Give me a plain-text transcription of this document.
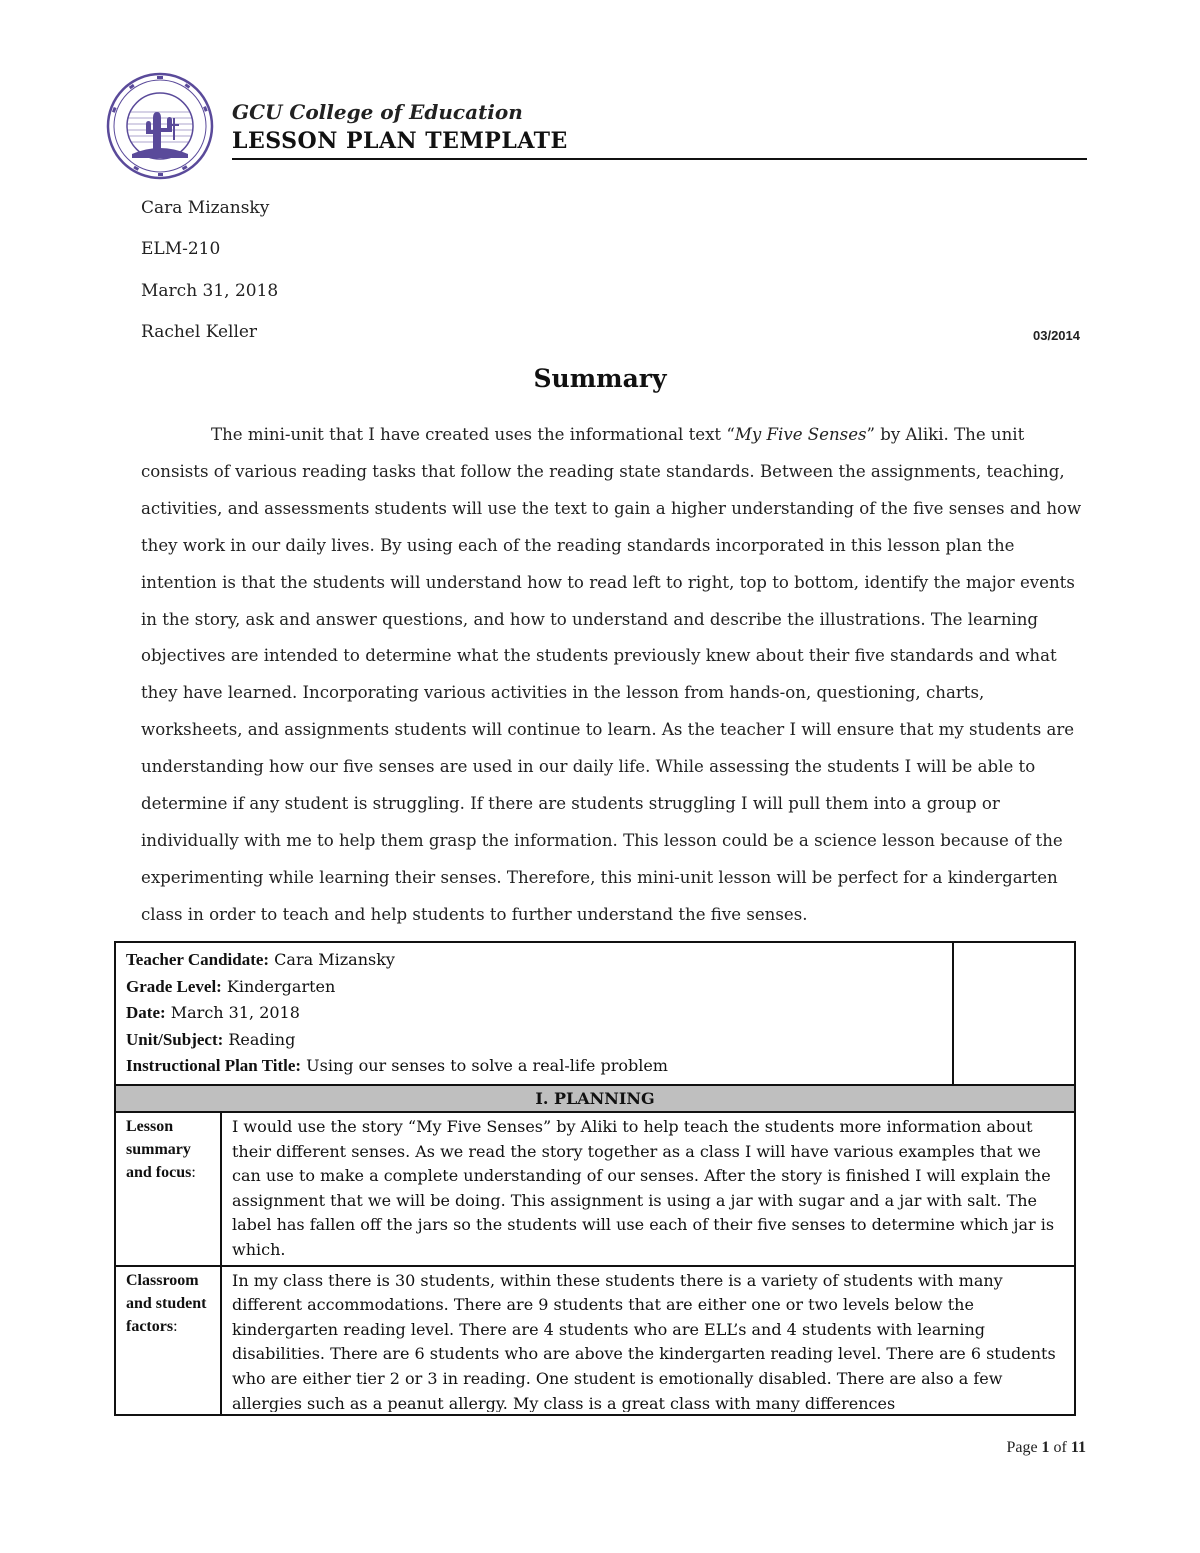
GCU College of Education
LESSON PLAN TEMPLATE
Cara Mizansky
ELM-210
March 31, 2018
Rachel Keller	03/2014
Summary

The mini-unit that I have created uses the informational text “My Five Senses” by Aliki. The unit consists of various reading tasks that follow the reading state standards. Between the assignments, teaching, activities, and assessments students will use the text to gain a higher understanding of the five senses and how they work in our daily lives. By using each of the reading standards incorporated in this lesson plan the intention is that the students will understand how to read left to right, top to bottom, identify the major events in the story, ask and answer questions, and how to understand and describe the illustrations. The learning objectives are intended to determine what the students previously knew about their five standards and what they have learned. Incorporating various activities in the lesson from hands-on, questioning, charts, worksheets, and assignments students will continue to learn. As the teacher I will ensure that my students are understanding how our five senses are used in our daily life. While assessing the students I will be able to determine if any student is struggling. If there are students struggling I will pull them into a group or individually with me to help them grasp the information. This lesson could be a science lesson because of the experimenting while learning their senses. Therefore, this mini-unit lesson will be perfect for a kindergarten class in order to teach and help students to further understand the five senses.

Teacher Candidate: Cara Mizansky
Grade Level: Kindergarten
Date: March 31, 2018
Unit/Subject: Reading
Instructional Plan Title: Using our senses to solve a real-life problem		

I. PLANNING		
Lesson summary and focus:	I would use the story “My Five Senses” by Aliki to help teach the students more information about their different senses. As we read the story together as a class I will have various examples that we can use to make a complete understanding of our senses. After the story is finished I will explain the assignment that we will be doing. This assignment is using a jar with sugar and a jar with salt. The label has fallen off the jars so the students will use each of their five senses to determine which jar is which.	
Classroom and student factors:	In my class there is 30 students, within these students there is a variety of students with many different accommodations. There are 9 students that are either one or two levels below the kindergarten reading level. There are 4 students who are ELL’s and 4 students with learning disabilities. There are 6 students who are above the kindergarten reading level. There are 6 students who are either tier 2 or 3 in reading. One student is emotionally disabled. There are also a few allergies such as a peanut allergy. My class is a great class with many differences	
Page 1 of 11
